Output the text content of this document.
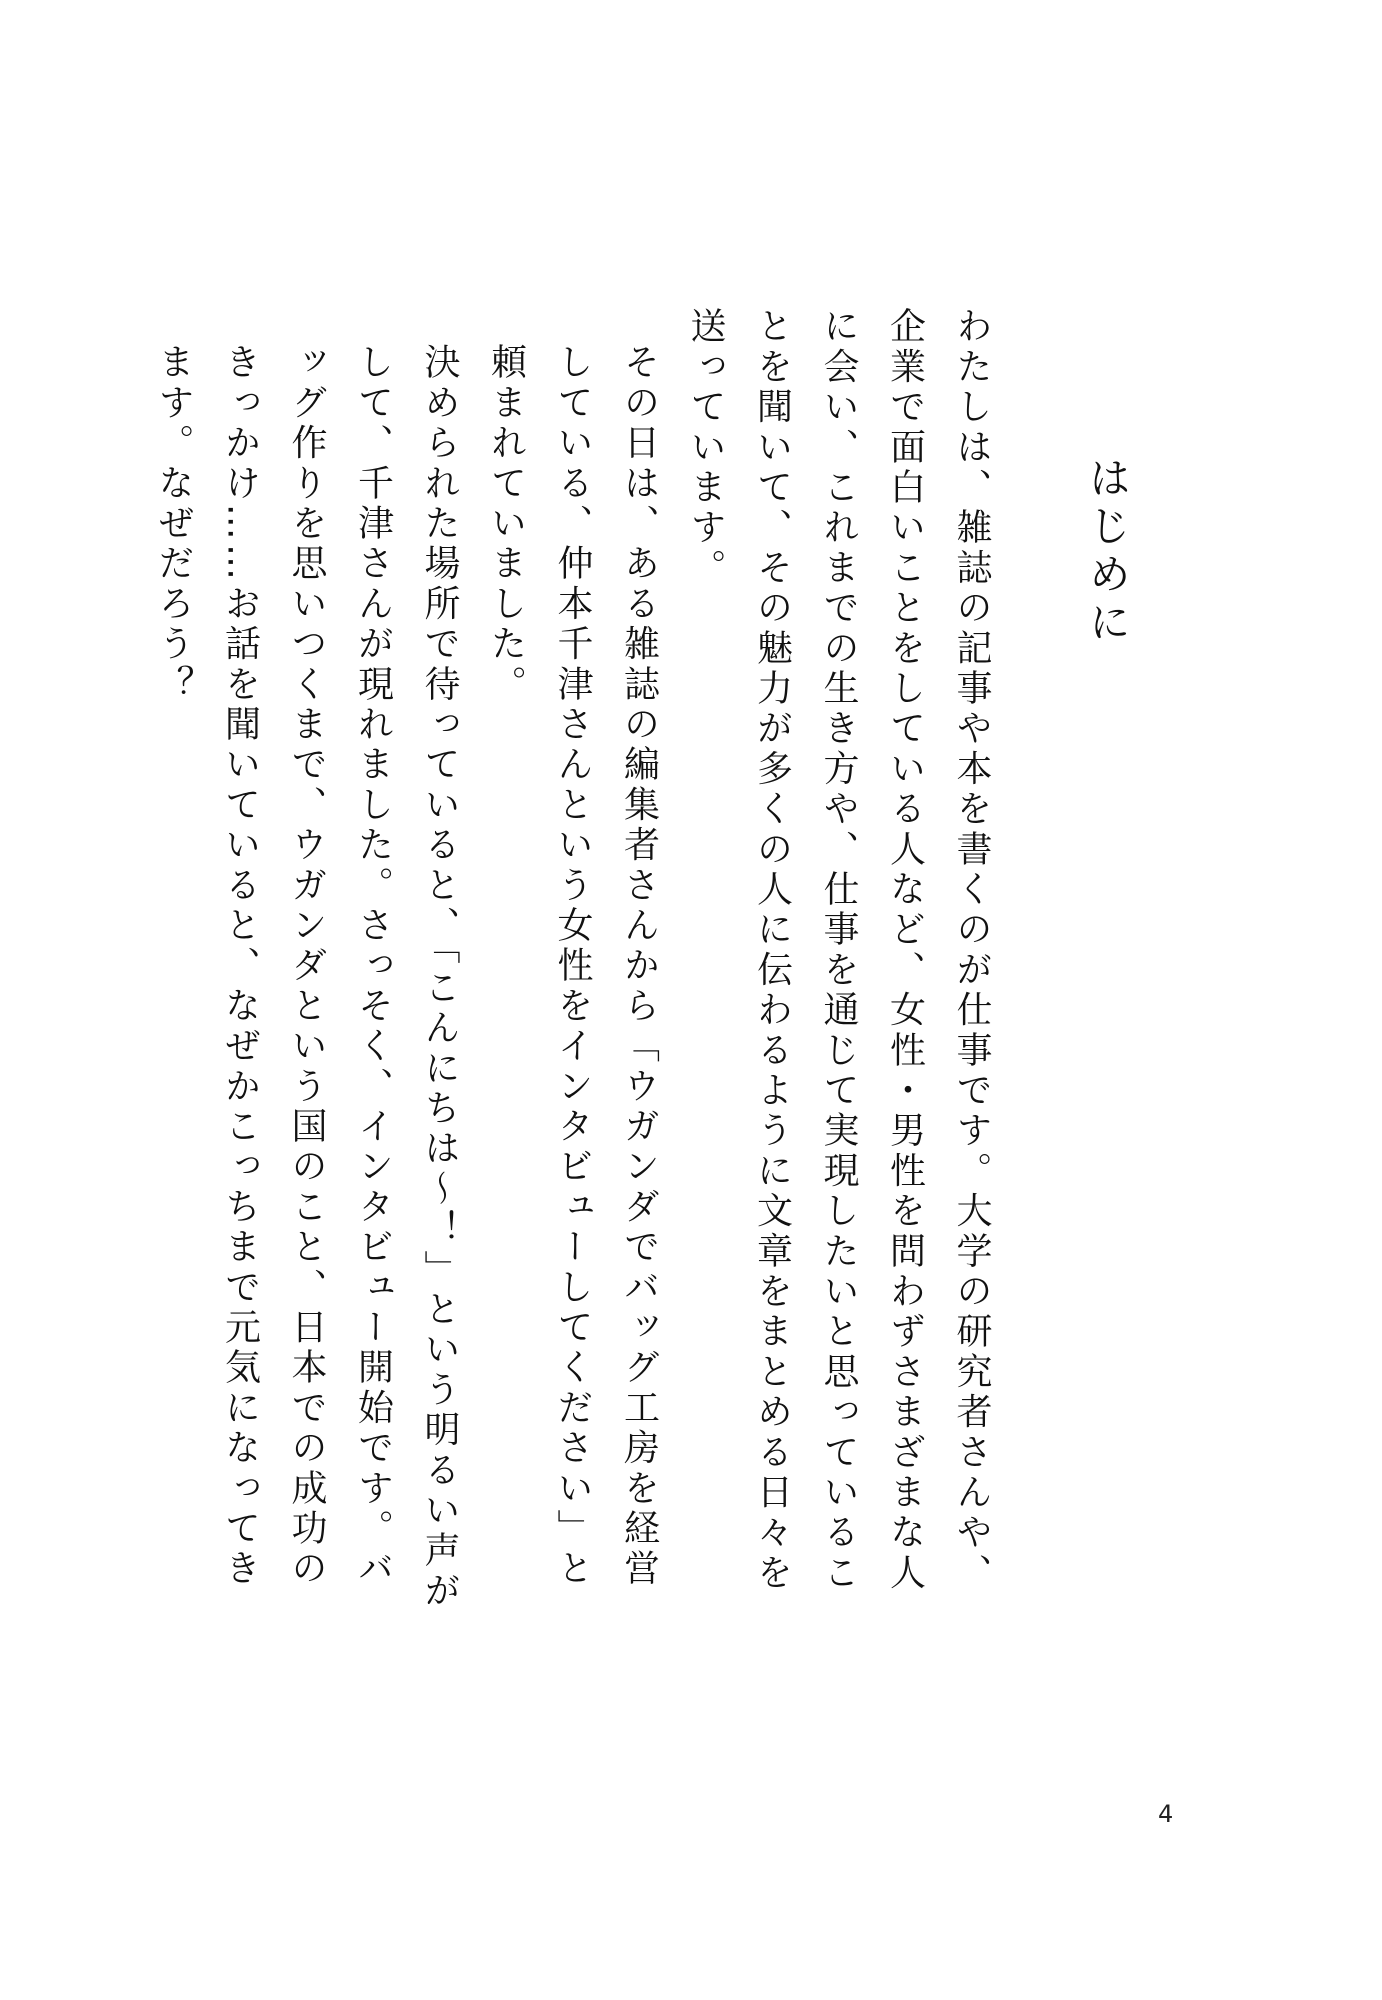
はじめに

わたしは、雑誌の記事や本を書くのが仕事です。大学の研究者さんや、企業で面白いことをしている人など、女性・男性を問わずさまざまな人に会い、これまでの生き方や、仕事を通じて実現したいと思っていることを聞いて、その魅力が多くの人に伝わるように文章をまとめる日々を送っています。

その日は、ある雑誌の編集者さんから「ウガンダでバッグ工房を経営している、仲本千津さんという女性をインタビューしてください」と頼まれていました。

決められた場所で待っていると、「こんにちは〜！」という明るい声がして、千津さんが現れました。さっそく、インタビュー開始です。バッグ作りを思いつくまで、ウガンダという国のこと、日本での成功のきっかけ……お話を聞いていると、なぜかこっちまで元気になってきます。なぜだろう？

4
